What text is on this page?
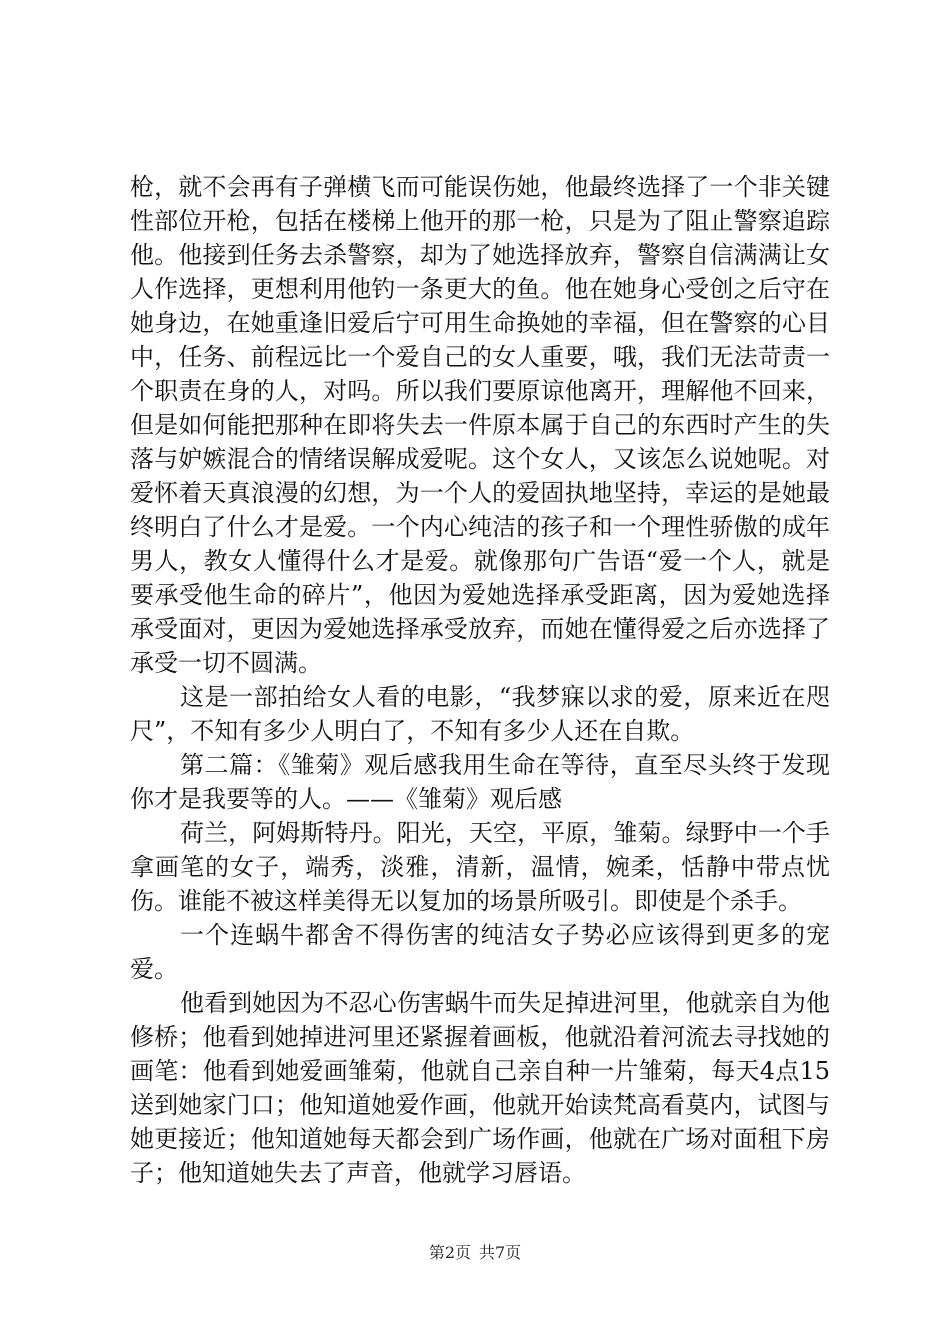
枪，就不会再有子弹横飞而可能误伤她，他最终选择了一个非关键性部位开枪，包括在楼梯上他开的那一枪，只是为了阻止警察追踪他。他接到任务去杀警察，却为了她选择放弃，警察自信满满让女人作选择，更想利用他钓一条更大的鱼。他在她身心受创之后守在她身边，在她重逢旧爱后宁可用生命换她的幸福，但在警察的心目中，任务、前程远比一个爱自己的女人重要，哦，我们无法苛责一个职责在身的人，对吗。所以我们要原谅他离开，理解他不回来，但是如何能把那种在即将失去一件原本属于自己的东西时产生的失落与妒嫉混合的情绪误解成爱呢。这个女人，又该怎么说她呢。对爱怀着天真浪漫的幻想，为一个人的爱固执地坚持，幸运的是她最终明白了什么才是爱。一个内心纯洁的孩子和一个理性骄傲的成年男人，教女人懂得什么才是爱。就像那句广告语“爱一个人，就是要承受他生命的碎片”，他因为爱她选择承受距离，因为爱她选择承受面对，更因为爱她选择承受放弃，而她在懂得爱之后亦选择了承受一切不圆满。

这是一部拍给女人看的电影，“我梦寐以求的爱，原来近在咫尺”，不知有多少人明白了，不知有多少人还在自欺。

第二篇：《雏菊》观后感我用生命在等待，直至尽头终于发现你才是我要等的人。——《雏菊》观后感

荷兰，阿姆斯特丹。阳光，天空，平原，雏菊。绿野中一个手拿画笔的女子，端秀，淡雅，清新，温情，婉柔，恬静中带点忧伤。谁能不被这样美得无以复加的场景所吸引。即使是个杀手。

一个连蜗牛都舍不得伤害的纯洁女子势必应该得到更多的宠爱。

他看到她因为不忍心伤害蜗牛而失足掉进河里，他就亲自为他修桥；他看到她掉进河里还紧握着画板，他就沿着河流去寻找她的画笔：他看到她爱画雏菊，他就自己亲自种一片雏菊，每天4点15送到她家门口；他知道她爱作画，他就开始读梵高看莫内，试图与她更接近；他知道她每天都会到广场作画，他就在广场对面租下房子；他知道她失去了声音，他就学习唇语。

第2页 共7页
